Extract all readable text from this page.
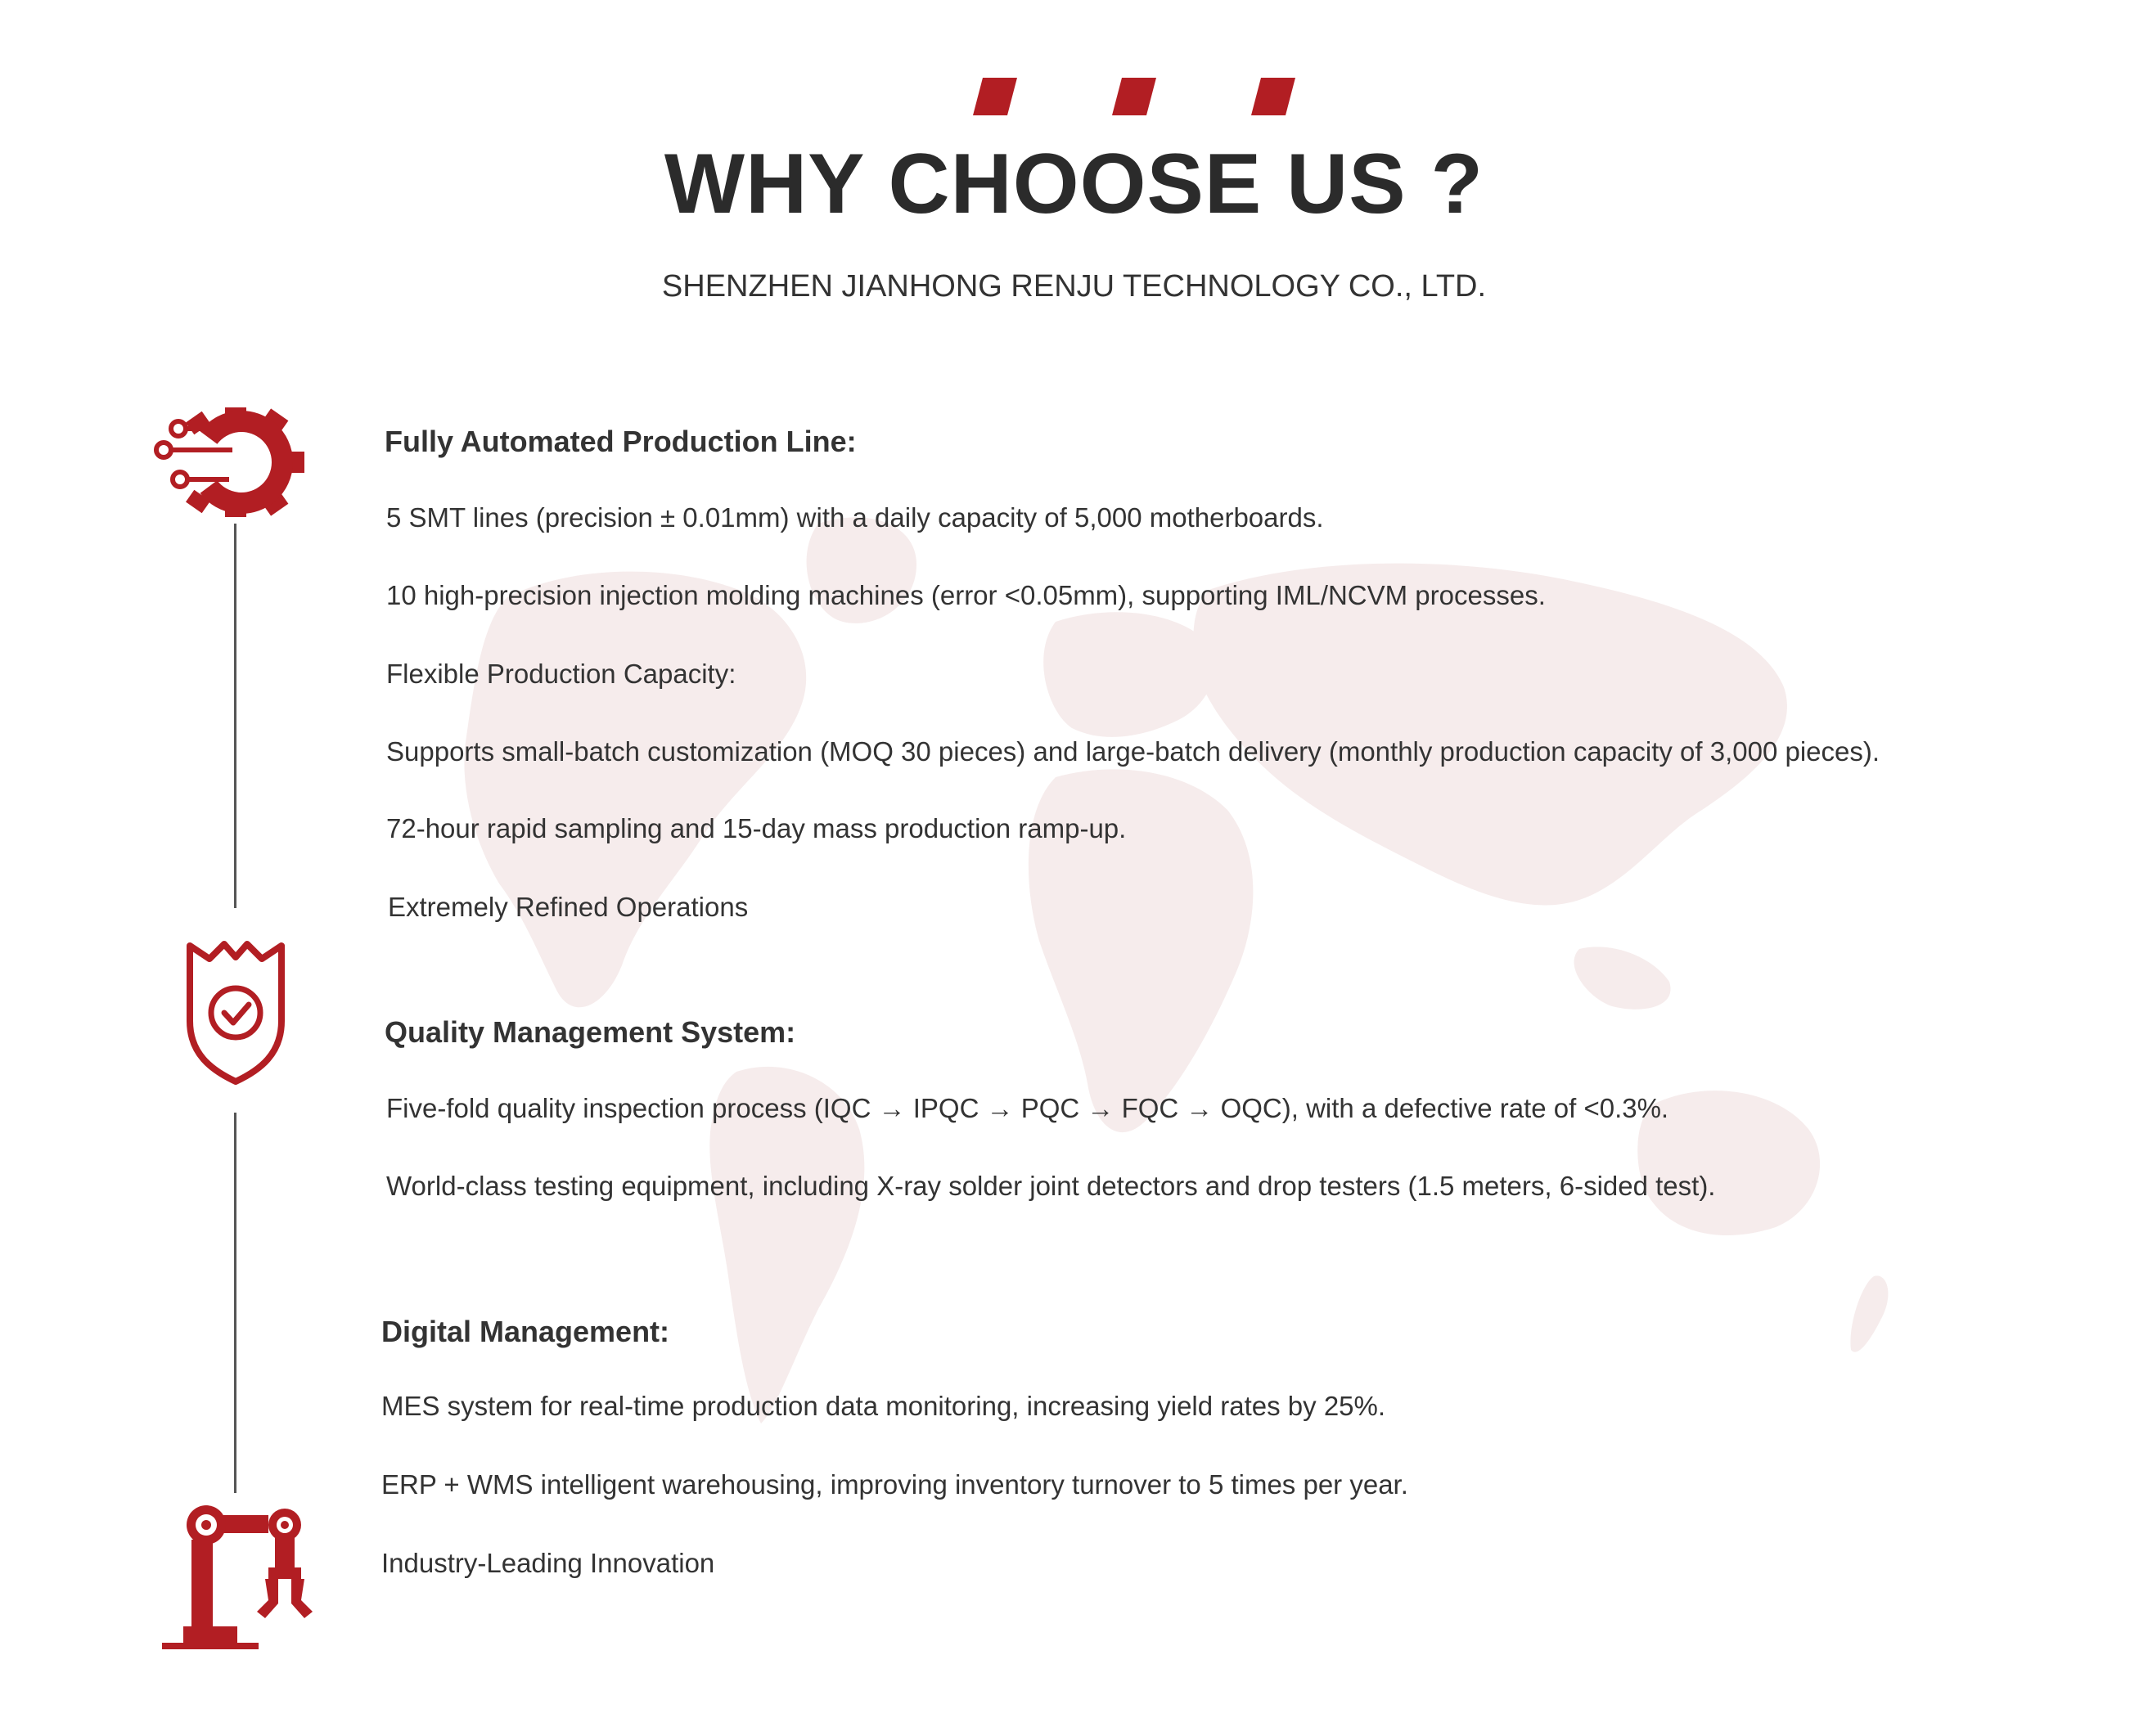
WHY CHOOSE US ?
SHENZHEN JIANHONG RENJU TECHNOLOGY CO., LTD.
Fully Automated Production Line:
5 SMT lines (precision ± 0.01mm) with a daily capacity of 5,000 motherboards.
10 high-precision injection molding machines (error <0.05mm), supporting IML/NCVM processes.
Flexible Production Capacity:
Supports small-batch customization (MOQ 30 pieces) and large-batch delivery (monthly production capacity of 3,000 pieces).
72-hour rapid sampling and 15-day mass production ramp-up.
Extremely Refined Operations
Quality Management System:
Five-fold quality inspection process (IQC → IPQC → PQC → FQC → OQC), with a defective rate of <0.3%.
World-class testing equipment, including X-ray solder joint detectors and drop testers (1.5 meters, 6-sided test).
Digital Management:
MES system for real-time production data monitoring, increasing yield rates by 25%.
ERP + WMS intelligent warehousing, improving inventory turnover to 5 times per year.
Industry-Leading Innovation
